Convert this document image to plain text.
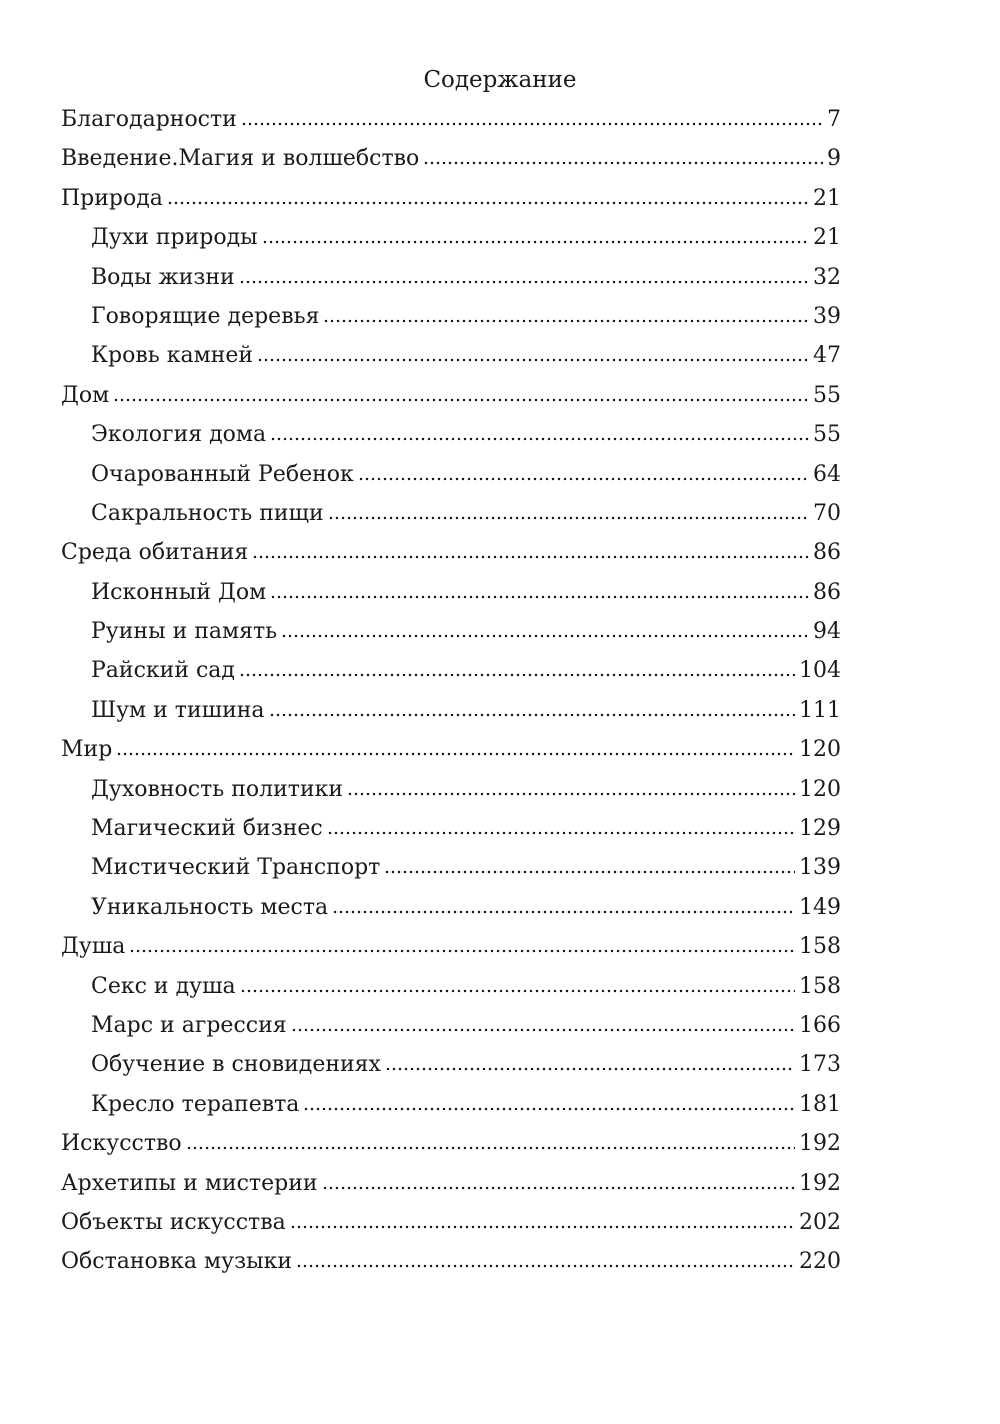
Содержание
Благодарности	7
Введение.Магия и волшебство	9
Природа	21
Духи природы	21
Воды жизни	32
Говорящие деревья	39
Кровь камней	47
Дом	55
Экология дома	55
Очарованный Ребенок	64
Сакральность пищи	70
Среда обитания	86
Исконный Дом	86
Руины и память	94
Райский сад	104
Шум и тишина	111
Мир	120
Духовность политики	120
Магический бизнес	129
Мистический Транспорт	139
Уникальность места	149
Душа	158
Секс и душа	158
Марс и агрессия	166
Обучение в сновидениях	173
Кресло терапевта	181
Искусство	192
Архетипы и мистерии	192
Объекты искусства	202
Обстановка музыки	220
